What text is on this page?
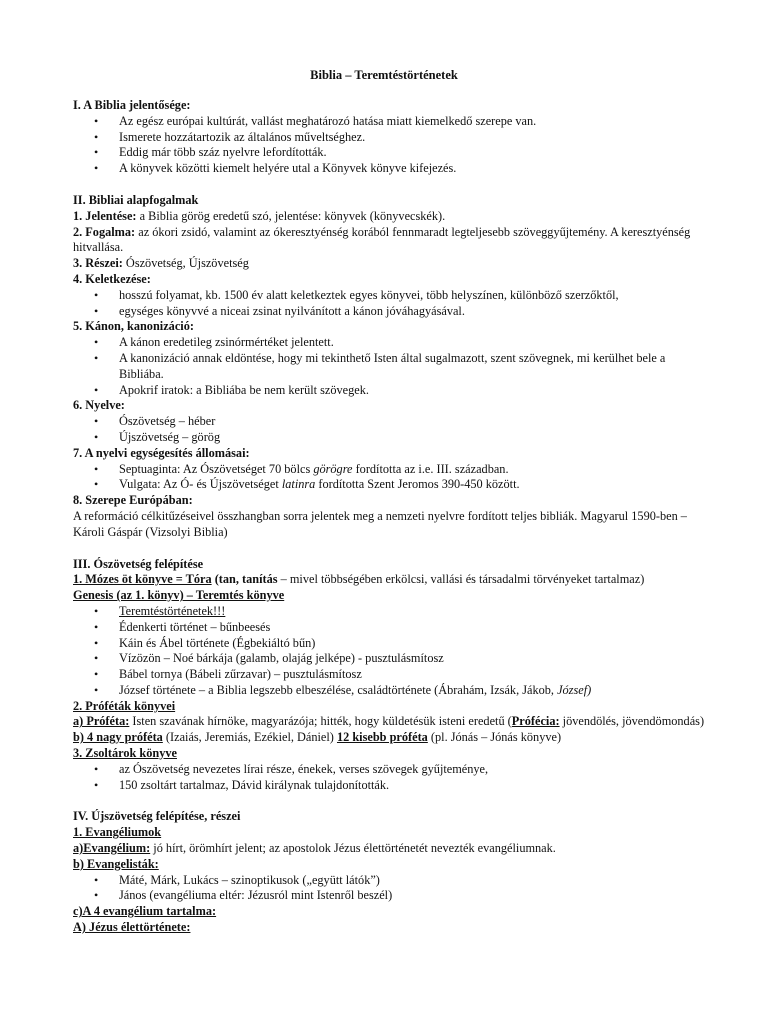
Biblia – Teremtéstörténetek

I. A Biblia jelentősége:

• Az egész európai kultúrát, vallást meghatározó hatása miatt kiemelkedő szerepe van.
• Ismerete hozzátartozik az általános műveltséghez.
• Eddig már több száz nyelvre lefordították.
• A könyvek közötti kiemelt helyére utal a Könyvek könyve kifejezés.

II. Bibliai alapfogalmak

1. Jelentése: a Biblia görög eredetű szó, jelentése: könyvek (könyvecskék).

2. Fogalma: az ókori zsidó, valamint az ókeresztyénség korából fennmaradt legteljesebb szöveggyűjtemény. A keresztyénség hitvallása.

3. Részei: Ószövetség, Újszövetség

4. Keletkezése:

• hosszú folyamat, kb. 1500 év alatt keletkeztek egyes könyvei, több helyszínen, különböző szerzőktől,
• egységes könyvvé a niceai zsinat nyilvánított a kánon jóváhagyásával.

5. Kánon, kanonizáció:

• A kánon eredetileg zsinórmértéket jelentett.
• A kanonizáció annak eldöntése, hogy mi tekinthető Isten által sugalmazott, szent szövegnek, mi kerülhet bele a Bibliába.
• Apokrif iratok: a Bibliába be nem került szövegek.

6. Nyelve:

• Ószövetség – héber
• Újszövetség – görög

7. A nyelvi egységesítés állomásai:

• Septuaginta: Az Ószövetséget 70 bölcs görögre fordította az i.e. III. században.
• Vulgata: Az Ó- és Újszövetséget latinra fordította Szent Jeromos 390-450 között.

8. Szerepe Európában:

A reformáció célkitűzéseivel összhangban sorra jelentek meg a nemzeti nyelvre fordított teljes bibliák. Magyarul 1590-ben – Károli Gáspár (Vizsolyi Biblia)

III. Ószövetség felépítése

1. Mózes öt könyve = Tóra (tan, tanítás – mivel többségében erkölcsi, vallási és társadalmi törvényeket tartalmaz)

Genesis (az 1. könyv) – Teremtés könyve

• Teremtéstörténetek!!!
• Édenkerti történet – bűnbeesés
• Káin és Ábel története (Égbekiáltó bűn)
• Vízözön – Noé bárkája (galamb, olajág jelképe) - pusztulásmítosz
• Bábel tornya (Bábeli zűrzavar) – pusztulásmítosz
• József története – a Biblia legszebb elbeszélése, családtörténete (Ábrahám, Izsák, Jákob, József)

2. Próféták könyvei

a) Próféta: Isten szavának hírnöke, magyarázója; hitték, hogy küldetésük isteni eredetű (Prófécia: jövendölés, jövendömondás)

b) 4 nagy próféta (Izaiás, Jeremiás, Ezékiel, Dániel) 12 kisebb próféta (pl. Jónás – Jónás könyve)

3. Zsoltárok könyve

• az Ószövetség nevezetes lírai része, énekek, verses szövegek gyűjteménye,
• 150 zsoltárt tartalmaz, Dávid királynak tulajdonították.

IV. Újszövetség felépítése, részei

1. Evangéliumok

a)Evangélium: jó hírt, örömhírt jelent; az apostolok Jézus élettörténetét nevezték evangéliumnak.

b) Evangelisták:

• Máté, Márk, Lukács – szinoptikusok („együtt látók”)
• János (evangéliuma eltér: Jézusról mint Istenről beszél)

c)A 4 evangélium tartalma:

A) Jézus élettörténete:
